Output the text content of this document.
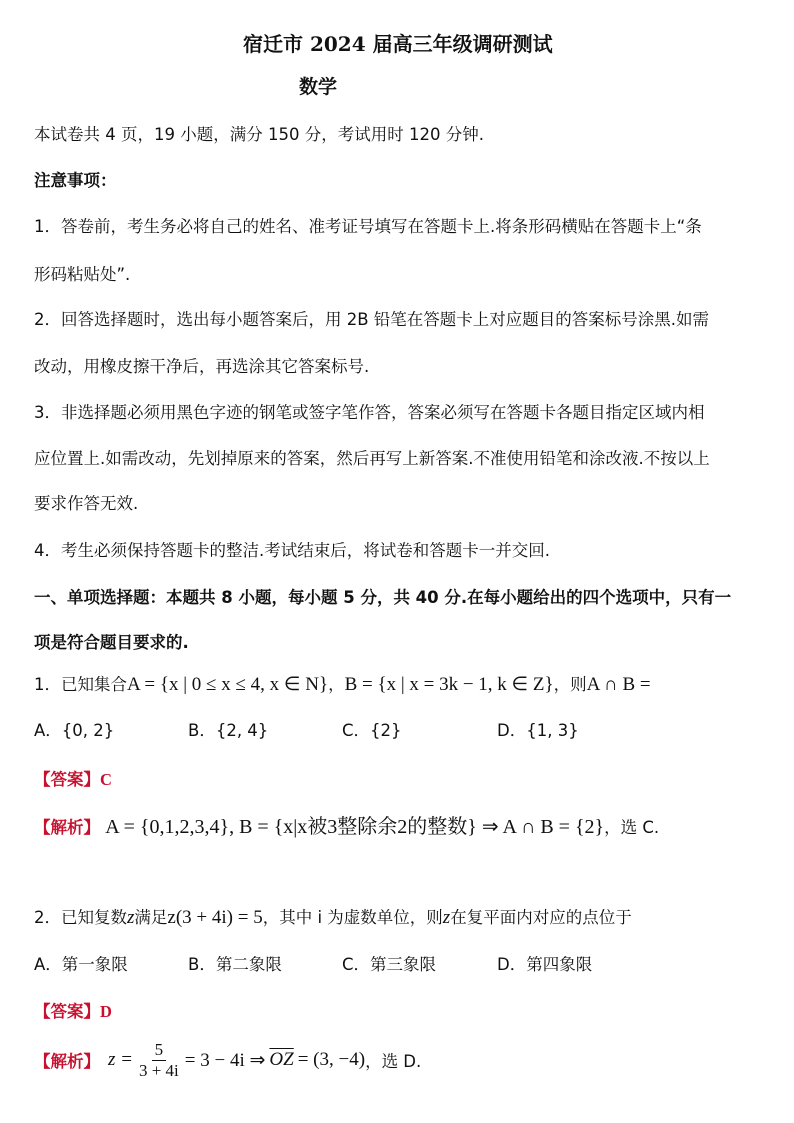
宿迁市 2024 届高三年级调研测试
数学
本试卷共 4 页，19 小题，满分 150 分，考试用时 120 分钟.
注意事项：
1．答卷前，考生务必将自己的姓名、准考证号填写在答题卡上.将条形码横贴在答题卡上“条
形码粘贴处”.
2．回答选择题时，选出每小题答案后，用 2B 铅笔在答题卡上对应题目的答案标号涂黑.如需
改动，用橡皮擦干净后，再选涂其它答案标号.
3．非选择题必须用黑色字迹的钢笔或签字笔作答，答案必须写在答题卡各题目指定区域内相
应位置上.如需改动，先划掉原来的答案，然后再写上新答案.不准使用铅笔和涂改液.不按以上
要求作答无效.
4．考生必须保持答题卡的整洁.考试结束后，将试卷和答题卡一并交回.
一、单项选择题：本题共 8 小题，每小题 5 分，共 40 分.在每小题给出的四个选项中，只有一
项是符合题目要求的.
1．已知集合A = {x | 0 ≤ x ≤ 4, x ∈ N}，B = {x | x = 3k − 1, k ∈ Z}，则A ∩ B =
A．{0, 2}	B．{2, 4}	C．{2}	D．{1, 3}
【答案】C
【解析】 A = {0,1,2,3,4}, B = {x|x被3整除余2的整数} ⇒ A ∩ B = {2}，选 C.
2．已知复数z满足z(3 + 4i) = 5，其中 i 为虚数单位，则z在复平面内对应的点位于
A．第一象限	B．第二象限	C．第三象限	D．第四象限
【答案】D
【解析】 $z = \frac{5}{3 + 4i} = 3 - 4i$ ⇒ $\overline{OZ} = (3$, −4) ，选 D.
